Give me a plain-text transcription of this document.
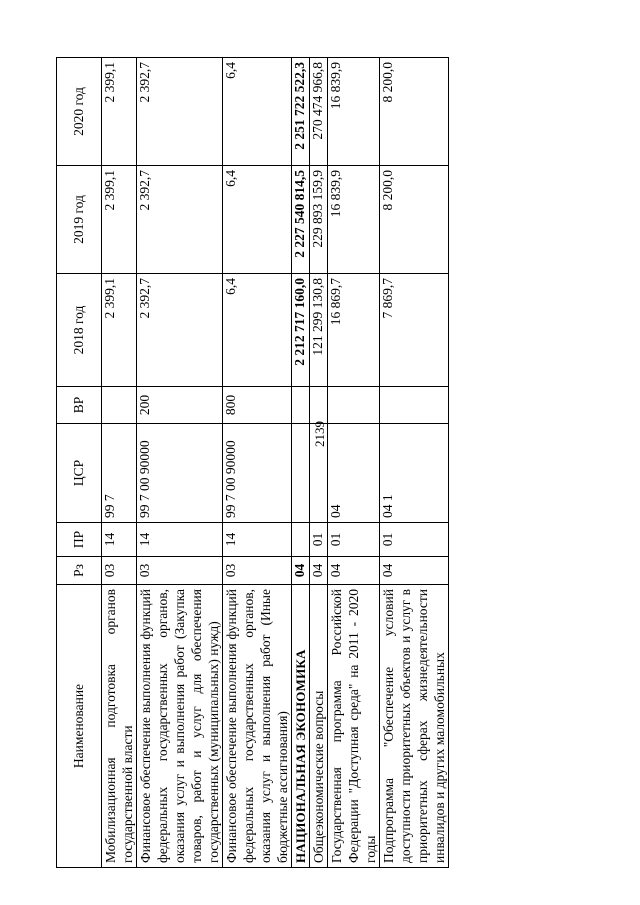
2139
Наименование	Рз	ПР	ЦСР	ВР	2018 год	2019 год	2020 год
Мобилизационная подготовка органов государственной власти	03	14	99 7		2 399,1	2 399,1	2 399,1
Финансовое обеспечение выполнения функций федеральных государственных органов, оказания услуг и выполнения работ (Закупка товаров, работ и услуг для обеспечения государственных (муниципальных) нужд)	03	14	99 7 00 90000	200	2 392,7	2 392,7	2 392,7
Финансовое обеспечение выполнения функций федеральных государственных органов, оказания услуг и выполнения работ (Иные бюджетные ассигнования)	03	14	99 7 00 90000	800	6,4	6,4	6,4
НАЦИОНАЛЬНАЯ ЭКОНОМИКА	04				2 212 717 160,0	2 227 540 814,5	2 251 722 522,3
Общеэкономические вопросы	04	01			121 299 130,8	229 893 159,9	270 474 966,8
Государственная программа Российской Федерации "Доступная среда" на 2011 - 2020 годы	04	01	04		16 869,7	16 839,9	16 839,9
Подпрограмма "Обеспечение условий доступности приоритетных объектов и услуг в приоритетных сферах жизнедеятельности инвалидов и других маломобильных	04	01	04 1		7 869,7	8 200,0	8 200,0
